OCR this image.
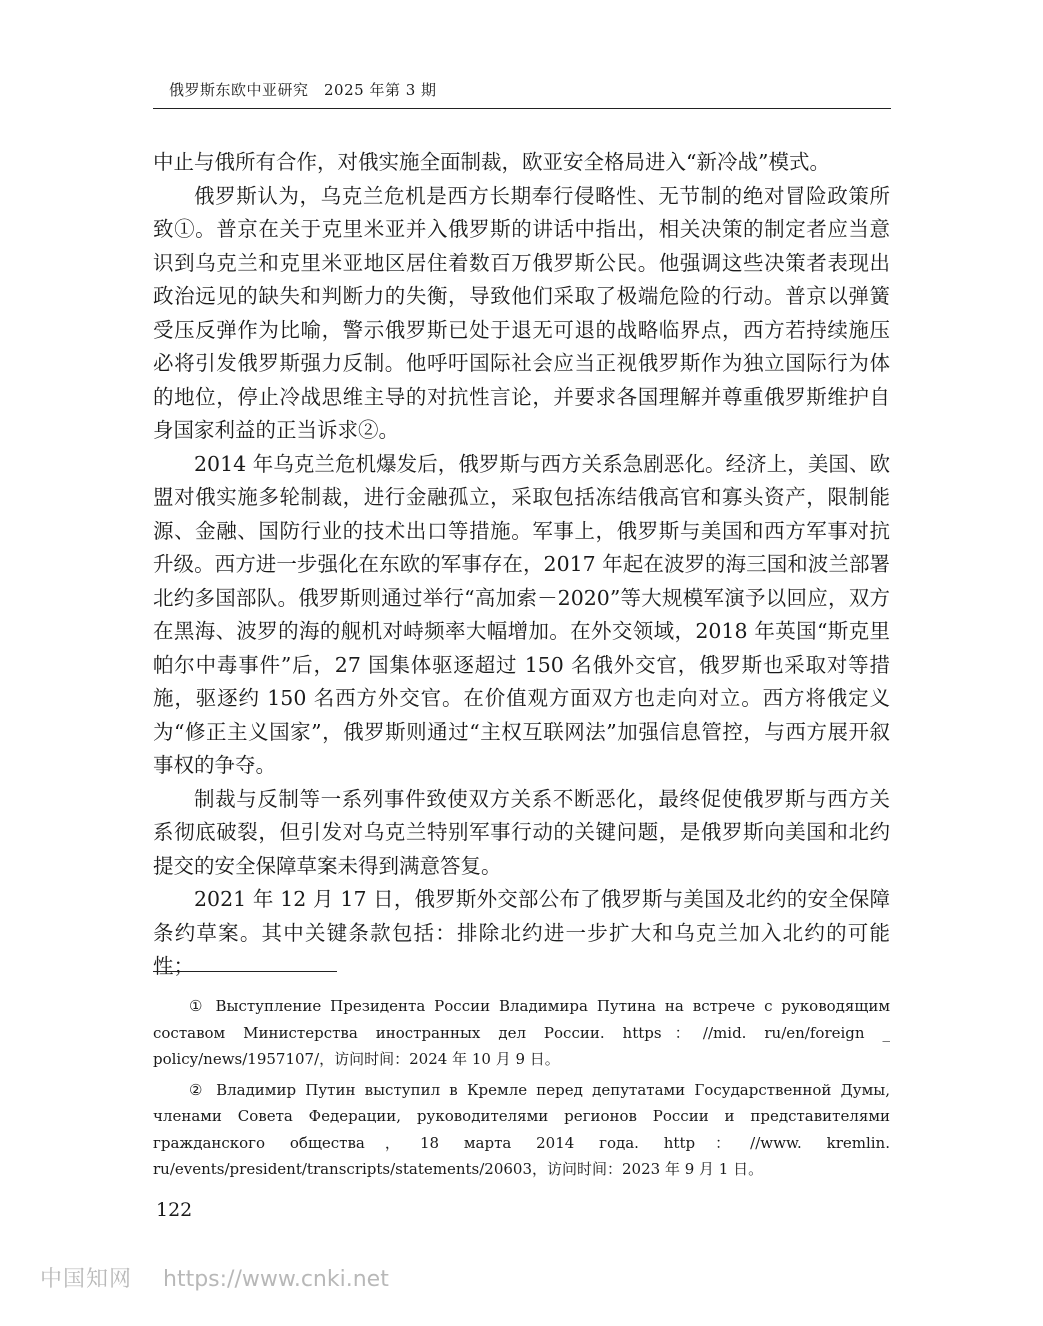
俄罗斯东欧中亚研究　2025 年第 3 期

中止与俄所有合作，对俄实施全面制裁，欧亚安全格局进入“新冷战”模式。

俄罗斯认为，乌克兰危机是西方长期奉行侵略性、无节制的绝对冒险政策所致①。普京在关于克里米亚并入俄罗斯的讲话中指出，相关决策的制定者应当意识到乌克兰和克里米亚地区居住着数百万俄罗斯公民。他强调这些决策者表现出政治远见的缺失和判断力的失衡，导致他们采取了极端危险的行动。普京以弹簧受压反弹作为比喻，警示俄罗斯已处于退无可退的战略临界点，西方若持续施压必将引发俄罗斯强力反制。他呼吁国际社会应当正视俄罗斯作为独立国际行为体的地位，停止冷战思维主导的对抗性言论，并要求各国理解并尊重俄罗斯维护自身国家利益的正当诉求②。

2014 年乌克兰危机爆发后，俄罗斯与西方关系急剧恶化。经济上，美国、欧盟对俄实施多轮制裁，进行金融孤立，采取包括冻结俄高官和寡头资产，限制能源、金融、国防行业的技术出口等措施。军事上，俄罗斯与美国和西方军事对抗升级。西方进一步强化在东欧的军事存在，2017 年起在波罗的海三国和波兰部署北约多国部队。俄罗斯则通过举行“高加索－2020”等大规模军演予以回应，双方在黑海、波罗的海的舰机对峙频率大幅增加。在外交领域，2018 年英国“斯克里帕尔中毒事件”后，27 国集体驱逐超过 150 名俄外交官，俄罗斯也采取对等措施，驱逐约 150 名西方外交官。在价值观方面双方也走向对立。西方将俄定义为“修正主义国家”，俄罗斯则通过“主权互联网法”加强信息管控，与西方展开叙事权的争夺。

制裁与反制等一系列事件致使双方关系不断恶化，最终促使俄罗斯与西方关系彻底破裂，但引发对乌克兰特别军事行动的关键问题，是俄罗斯向美国和北约提交的安全保障草案未得到满意答复。

2021 年 12 月 17 日，俄罗斯外交部公布了俄罗斯与美国及北约的安全保障条约草案。其中关键条款包括：排除北约进一步扩大和乌克兰加入北约的可能性；

① Выступление Президента России Владимира Путина на встрече с руководящим составом Министерства иностранных дел России. https：//mid. ru/en/foreign _ policy/news/1957107/，访问时间：2024 年 10 月 9 日。

② Владимир Путин выступил в Кремле перед депутатами Государственной Думы, членами Совета Федерации, руководителями регионов России и представителями гражданского общества，18 марта 2014 года. http：//www. kremlin. ru/events/president/transcripts/statements/20603，访问时间：2023 年 9 月 1 日。

122
中国知网 https://www.cnki.net
